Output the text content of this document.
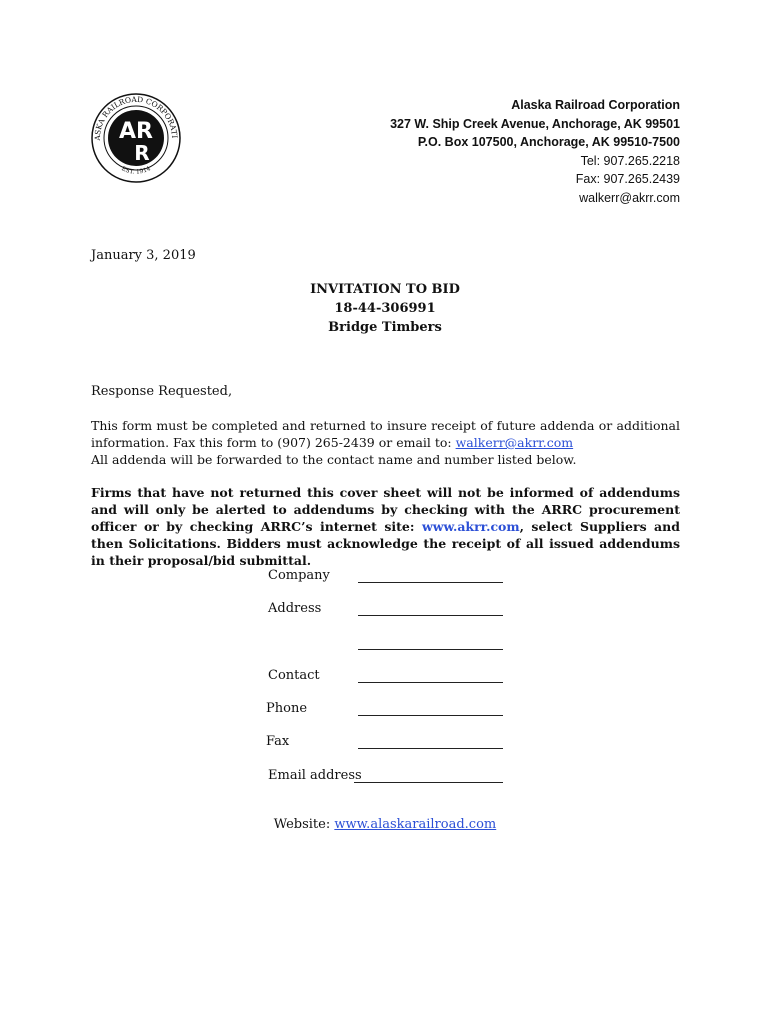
ASKA RAILROAD CORPORATI
EST. 1914
AR
R
Alaska Railroad Corporation
327 W. Ship Creek Avenue, Anchorage, AK 99501
P.O. Box 107500, Anchorage, AK 99510-7500
Tel: 907.265.2218
Fax: 907.265.2439
walkerr@akrr.com
January 3, 2019
INVITATION TO BID
18-44-306991
Bridge Timbers
Response Requested,
This form must be completed and returned to insure receipt of future addenda or additional information. Fax this form to (907) 265-2439 or email to: walkerr@akrr.com
All addenda will be forwarded to the contact name and number listed below.
Firms that have not returned this cover sheet will not be informed of addendums and will only be alerted to addendums by checking with the ARRC procurement officer or by checking ARRC’s internet site: www.akrr.com, select Suppliers and then Solicitations. Bidders must acknowledge the receipt of all issued addendums in their proposal/bid submittal.
Company
Address
Contact
Phone
Fax
Email address
Website: www.alaskarailroad.com
